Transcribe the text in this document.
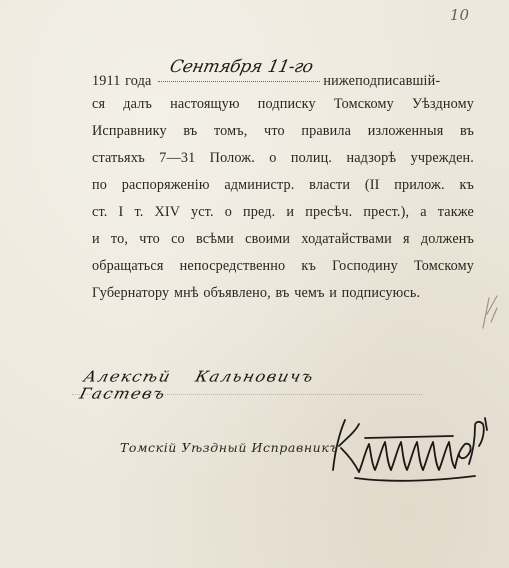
10
1911 года
Сентября 11-го
нижеподписавшій-
ся далъ настоящую подписку Томскому Уѣздному
Исправнику въ томъ, что правила изложенныя въ
статьяхъ 7—31 Полож. о полиц. надзорѣ учрежден.
по распоряженію администр. власти (II прилож. къ
ст. I т. XIV уст. о пред. и пресѣч. прест.), а также
и то, что со всѣми своими ходатайствами я долженъ
обращаться непосредственно къ Господину Томскому
Губернатору мнѣ объявлено, въ чемъ и подписуюсь.
Алексѣй Кальновичъ Гастевъ
Томскій Уѣздный Исправникъ
